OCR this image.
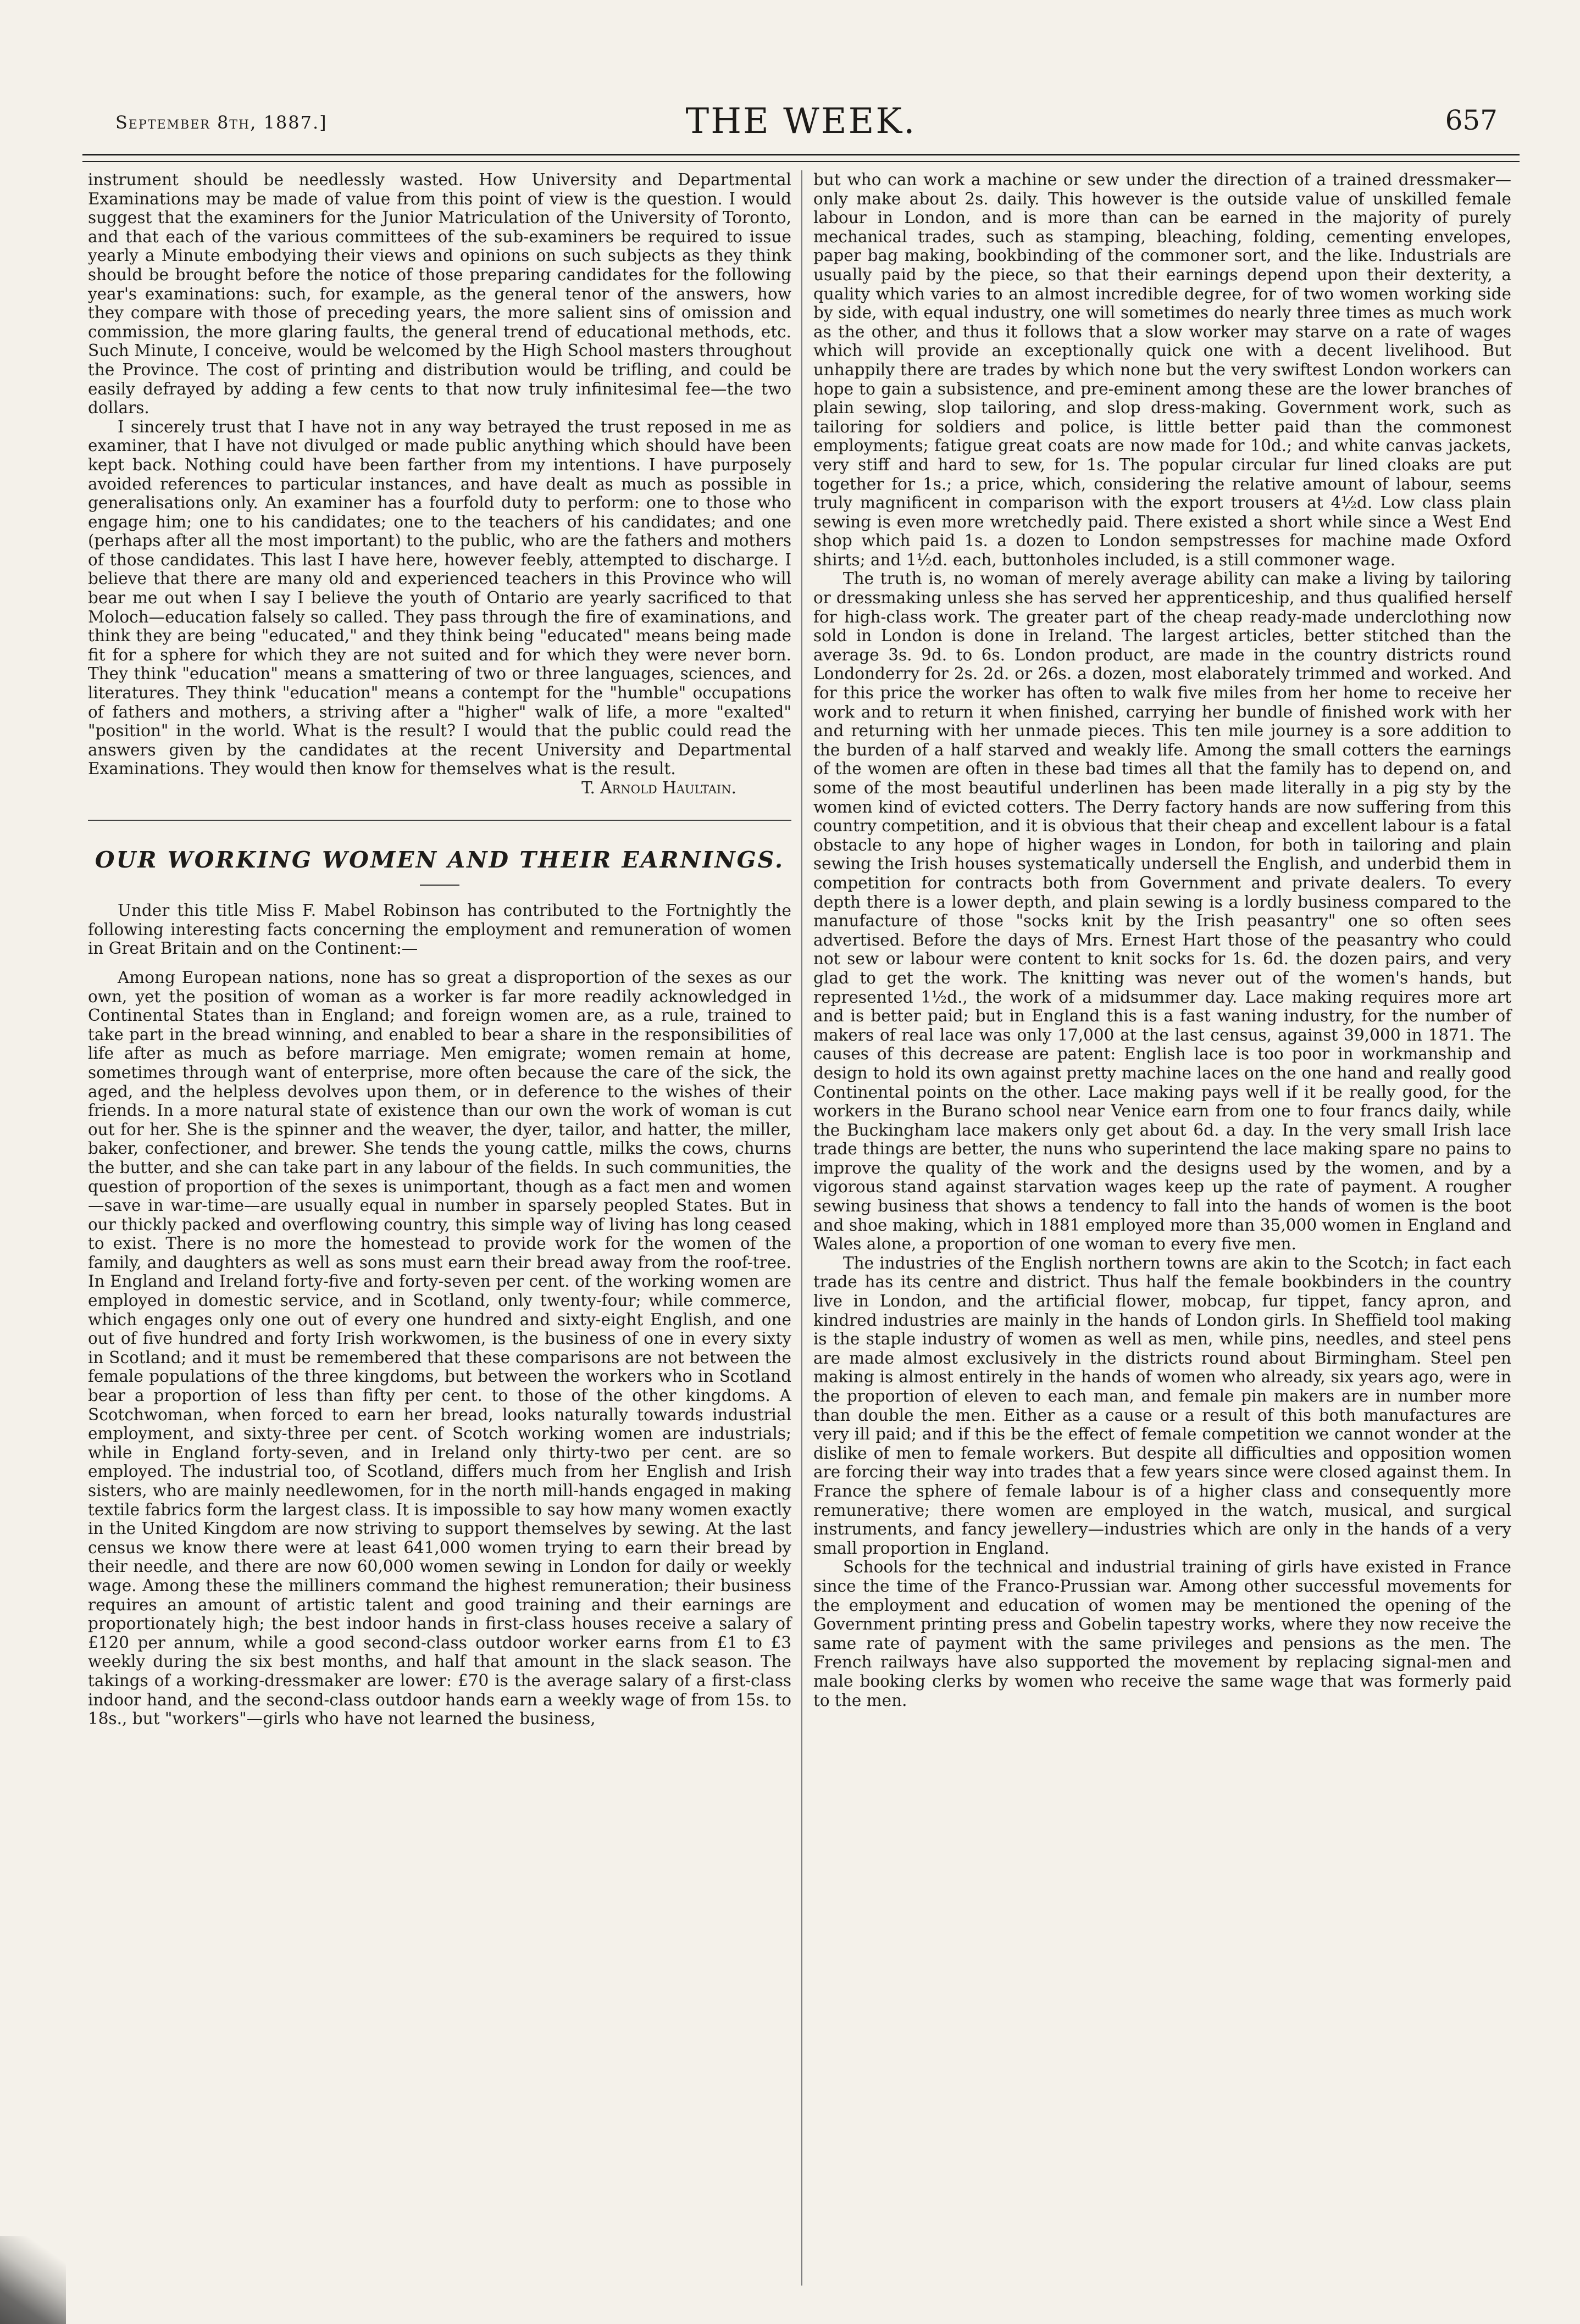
September 8th, 1887.]	THE WEEK.	657

instrument should be needlessly wasted. How University and Departmental Examinations may be made of value from this point of view is the question. I would suggest that the examiners for the Junior Matriculation of the University of Toronto, and that each of the various committees of the sub-examiners be required to issue yearly a Minute embodying their views and opinions on such subjects as they think should be brought before the notice of those preparing candidates for the following year's examinations: such, for example, as the general tenor of the answers, how they compare with those of preceding years, the more salient sins of omission and commission, the more glaring faults, the general trend of educational methods, etc. Such Minute, I conceive, would be welcomed by the High School masters throughout the Province. The cost of printing and distribution would be trifling, and could be easily defrayed by adding a few cents to that now truly infinitesimal fee—the two dollars.

I sincerely trust that I have not in any way betrayed the trust reposed in me as examiner, that I have not divulged or made public anything which should have been kept back. Nothing could have been farther from my intentions. I have purposely avoided references to particular instances, and have dealt as much as possible in generalisations only. An examiner has a fourfold duty to perform: one to those who engage him; one to his candidates; one to the teachers of his candidates; and one (perhaps after all the most important) to the public, who are the fathers and mothers of those candidates. This last I have here, however feebly, attempted to discharge. I believe that there are many old and experienced teachers in this Province who will bear me out when I say I believe the youth of Ontario are yearly sacrificed to that Moloch—education falsely so called. They pass through the fire of examinations, and think they are being "educated," and they think being "educated" means being made fit for a sphere for which they are not suited and for which they were never born. They think "education" means a smattering of two or three languages, sciences, and literatures. They think "education" means a contempt for the "humble" occupations of fathers and mothers, a striving after a "higher" walk of life, a more "exalted" "position" in the world. What is the result? I would that the public could read the answers given by the candidates at the recent University and Departmental Examinations. They would then know for themselves what is the result.

T. Arnold Haultain.
OUR WORKING WOMEN AND THEIR EARNINGS.

Under this title Miss F. Mabel Robinson has contributed to the Fortnightly the following interesting facts concerning the employment and remuneration of women in Great Britain and on the Continent:—

Among European nations, none has so great a disproportion of the sexes as our own, yet the position of woman as a worker is far more readily acknowledged in Continental States than in England; and foreign women are, as a rule, trained to take part in the bread winning, and enabled to bear a share in the responsibilities of life after as much as before marriage. Men emigrate; women remain at home, sometimes through want of enterprise, more often because the care of the sick, the aged, and the helpless devolves upon them, or in deference to the wishes of their friends. In a more natural state of existence than our own the work of woman is cut out for her. She is the spinner and the weaver, the dyer, tailor, and hatter, the miller, baker, confectioner, and brewer. She tends the young cattle, milks the cows, churns the butter, and she can take part in any labour of the fields. In such communities, the question of proportion of the sexes is unimportant, though as a fact men and women—save in war-time—are usually equal in number in sparsely peopled States. But in our thickly packed and overflowing country, this simple way of living has long ceased to exist. There is no more the homestead to provide work for the women of the family, and daughters as well as sons must earn their bread away from the roof-tree. In England and Ireland forty-five and forty-seven per cent. of the working women are employed in domestic service, and in Scotland, only twenty-four; while commerce, which engages only one out of every one hundred and sixty-eight English, and one out of five hundred and forty Irish workwomen, is the business of one in every sixty in Scotland; and it must be remembered that these comparisons are not between the female populations of the three kingdoms, but between the workers who in Scotland bear a proportion of less than fifty per cent. to those of the other kingdoms. A Scotchwoman, when forced to earn her bread, looks naturally towards industrial employment, and sixty-three per cent. of Scotch working women are industrials; while in England forty-seven, and in Ireland only thirty-two per cent. are so employed. The industrial too, of Scotland, differs much from her English and Irish sisters, who are mainly needlewomen, for in the north mill-hands engaged in making textile fabrics form the largest class. It is impossible to say how many women exactly in the United Kingdom are now striving to support themselves by sewing. At the last census we know there were at least 641,000 women trying to earn their bread by their needle, and there are now 60,000 women sewing in London for daily or weekly wage. Among these the milliners command the highest remuneration; their business requires an amount of artistic talent and good training and their earnings are proportionately high; the best indoor hands in first-class houses receive a salary of £120 per annum, while a good second-class outdoor worker earns from £1 to £3 weekly during the six best months, and half that amount in the slack season. The takings of a working-dressmaker are lower: £70 is the average salary of a first-class indoor hand, and the second-class outdoor hands earn a weekly wage of from 15s. to 18s., but "workers"—girls who have not learned the business,

but who can work a machine or sew under the direction of a trained dressmaker—only make about 2s. daily. This however is the outside value of unskilled female labour in London, and is more than can be earned in the majority of purely mechanical trades, such as stamping, bleaching, folding, cementing envelopes, paper bag making, bookbinding of the commoner sort, and the like. Industrials are usually paid by the piece, so that their earnings depend upon their dexterity, a quality which varies to an almost incredible degree, for of two women working side by side, with equal industry, one will sometimes do nearly three times as much work as the other, and thus it follows that a slow worker may starve on a rate of wages which will provide an exceptionally quick one with a decent livelihood. But unhappily there are trades by which none but the very swiftest London workers can hope to gain a subsistence, and pre-eminent among these are the lower branches of plain sewing, slop tailoring, and slop dress-making. Government work, such as tailoring for soldiers and police, is little better paid than the commonest employments; fatigue great coats are now made for 10d.; and white canvas jackets, very stiff and hard to sew, for 1s. The popular circular fur lined cloaks are put together for 1s.; a price, which, considering the relative amount of labour, seems truly magnificent in comparison with the export trousers at 4½d. Low class plain sewing is even more wretchedly paid. There existed a short while since a West End shop which paid 1s. a dozen to London sempstresses for machine made Oxford shirts; and 1½d. each, buttonholes included, is a still commoner wage.

The truth is, no woman of merely average ability can make a living by tailoring or dressmaking unless she has served her apprenticeship, and thus qualified herself for high-class work. The greater part of the cheap ready-made underclothing now sold in London is done in Ireland. The largest articles, better stitched than the average 3s. 9d. to 6s. London product, are made in the country districts round Londonderry for 2s. 2d. or 26s. a dozen, most elaborately trimmed and worked. And for this price the worker has often to walk five miles from her home to receive her work and to return it when finished, carrying her bundle of finished work with her and returning with her unmade pieces. This ten mile journey is a sore addition to the burden of a half starved and weakly life. Among the small cotters the earnings of the women are often in these bad times all that the family has to depend on, and some of the most beautiful underlinen has been made literally in a pig sty by the women kind of evicted cotters. The Derry factory hands are now suffering from this country competition, and it is obvious that their cheap and excellent labour is a fatal obstacle to any hope of higher wages in London, for both in tailoring and plain sewing the Irish houses systematically undersell the English, and underbid them in competition for contracts both from Government and private dealers. To every depth there is a lower depth, and plain sewing is a lordly business compared to the manufacture of those "socks knit by the Irish peasantry" one so often sees advertised. Before the days of Mrs. Ernest Hart those of the peasantry who could not sew or labour were content to knit socks for 1s. 6d. the dozen pairs, and very glad to get the work. The knitting was never out of the women's hands, but represented 1½d., the work of a midsummer day. Lace making requires more art and is better paid; but in England this is a fast waning industry, for the number of makers of real lace was only 17,000 at the last census, against 39,000 in 1871. The causes of this decrease are patent: English lace is too poor in workmanship and design to hold its own against pretty machine laces on the one hand and really good Continental points on the other. Lace making pays well if it be really good, for the workers in the Burano school near Venice earn from one to four francs daily, while the Buckingham lace makers only get about 6d. a day. In the very small Irish lace trade things are better, the nuns who superintend the lace making spare no pains to improve the quality of the work and the designs used by the women, and by a vigorous stand against starvation wages keep up the rate of payment. A rougher sewing business that shows a tendency to fall into the hands of women is the boot and shoe making, which in 1881 employed more than 35,000 women in England and Wales alone, a proportion of one woman to every five men.

The industries of the English northern towns are akin to the Scotch; in fact each trade has its centre and district. Thus half the female bookbinders in the country live in London, and the artificial flower, mobcap, fur tippet, fancy apron, and kindred industries are mainly in the hands of London girls. In Sheffield tool making is the staple industry of women as well as men, while pins, needles, and steel pens are made almost exclusively in the districts round about Birmingham. Steel pen making is almost entirely in the hands of women who already, six years ago, were in the proportion of eleven to each man, and female pin makers are in number more than double the men. Either as a cause or a result of this both manufactures are very ill paid; and if this be the effect of female competition we cannot wonder at the dislike of men to female workers. But despite all difficulties and opposition women are forcing their way into trades that a few years since were closed against them. In France the sphere of female labour is of a higher class and consequently more remunerative; there women are employed in the watch, musical, and surgical instruments, and fancy jewellery—industries which are only in the hands of a very small proportion in England.

Schools for the technical and industrial training of girls have existed in France since the time of the Franco-Prussian war. Among other successful movements for the employment and education of women may be mentioned the opening of the Government printing press and Gobelin tapestry works, where they now receive the same rate of payment with the same privileges and pensions as the men. The French railways have also supported the movement by replacing signal-men and male booking clerks by women who receive the same wage that was formerly paid to the men.
